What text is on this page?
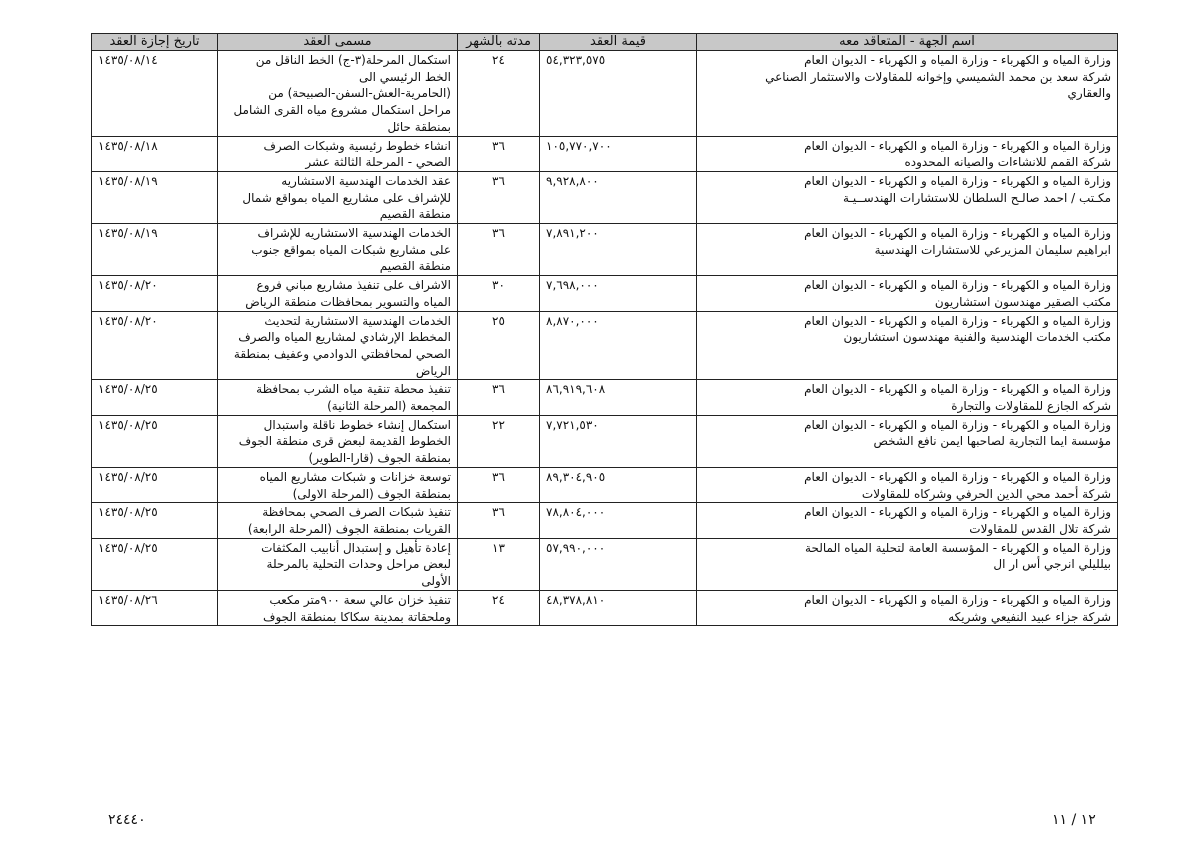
اسم الجهة - المتعاقد معه	قيمة العقد	مدته بالشهر	مسمى العقد	تاريخ إجازة العقد

وزارة المياه و الكهرباء - وزارة المياه و الكهرباء - الديوان العام
شركة سعد بن محمد الشميسي وإخوانه للمقاولات والاستثمار الصناعي
والعقاري	٥٤,٣٢٣,٥٧٥	٢٤	استكمال المرحلة(٣-ج) الخط الناقل من
الخط الرئيسي الى
(الحامرية-العش-السفن-الصبيحة) من
مراحل استكمال مشروع مياه القرى الشامل
بمنطقة حائل	١٤٣٥/٠٨/١٤

وزارة المياه و الكهرباء - وزارة المياه و الكهرباء - الديوان العام
شركة القمم للانشاءات والصيانه المحدوده	١٠٥,٧٧٠,٧٠٠	٣٦	انشاء خطوط رئيسية وشبكات الصرف
الصحي - المرحلة الثالثة عشر	١٤٣٥/٠٨/١٨

وزارة المياه و الكهرباء - وزارة المياه و الكهرباء - الديوان العام
مكـتب / احمد صالـح السلطان للاستشارات الهندســيـة	٩,٩٢٨,٨٠٠	٣٦	عقد الخدمات الهندسية الاستشاريه
للإشراف على مشاريع المياه بمواقع شمال
منطقة القصيم	١٤٣٥/٠٨/١٩

وزارة المياه و الكهرباء - وزارة المياه و الكهرباء - الديوان العام
ابراهيم سليمان المزيرعي للاستشارات الهندسية	٧,٨٩١,٢٠٠	٣٦	الخدمات الهندسية الاستشاريه للإشراف
على مشاريع شبكات المياه بمواقع جنوب
منطقة القصيم	١٤٣٥/٠٨/١٩

وزارة المياه و الكهرباء - وزارة المياه و الكهرباء - الديوان العام
مكتب الصقير مهندسون استشاريون	٧,٦٩٨,٠٠٠	٣٠	الاشراف على تنفيذ مشاريع مباني فروع
المياه والتسوير بمحافظات منطقة الرياض	١٤٣٥/٠٨/٢٠

وزارة المياه و الكهرباء - وزارة المياه و الكهرباء - الديوان العام
مكتب الخدمات الهندسية والفنية مهندسون استشاريون	٨,٨٧٠,٠٠٠	٢٥	الخدمات الهندسية الاستشارية لتحديث
المخطط الإرشادي لمشاريع المياه والصرف
الصحي لمحافظتي الدوادمي وعفيف بمنطقة
الرياض	١٤٣٥/٠٨/٢٠

وزارة المياه و الكهرباء - وزارة المياه و الكهرباء - الديوان العام
شركه الجازع للمقاولات والتجارة	٨٦,٩١٩,٦٠٨	٣٦	تنفيذ محطة تنقية مياه الشرب بمحافظة
المجمعة (المرحلة الثانية)	١٤٣٥/٠٨/٢٥

وزارة المياه و الكهرباء - وزارة المياه و الكهرباء - الديوان العام
مؤسسة ايما التجارية لصاحبها ايمن نافع الشخص	٧,٧٢١,٥٣٠	٢٢	استكمال إنشاء خطوط ناقلة واستبدال
الخطوط القديمة لبعض قرى منطقة الجوف
بمنطقة الجوف (قارا-الطوير)	١٤٣٥/٠٨/٢٥

وزارة المياه و الكهرباء - وزارة المياه و الكهرباء - الديوان العام
شركة أحمد محي الدين الحرفي وشركاه للمقاولات	٨٩,٣٠٤,٩٠٥	٣٦	توسعة خزانات و شبكات مشاريع المياه
بمنطقة الجوف (المرحلة الاولى)	١٤٣٥/٠٨/٢٥

وزارة المياه و الكهرباء - وزارة المياه و الكهرباء - الديوان العام
شركة تلال القدس للمقاولات	٧٨,٨٠٤,٠٠٠	٣٦	تنفيذ شبكات الصرف الصحي بمحافظة
القريات بمنطقة الجوف (المرحلة الرابعة)	١٤٣٥/٠٨/٢٥

وزارة المياه و الكهرباء - المؤسسة العامة لتحلية المياه المالحة
بيلليلي انرجي أس ار ال	٥٧,٩٩٠,٠٠٠	١٣	إعادة تأهيل و إستبدال أنابيب المكثفات
لبعض مراحل وحدات التحلية بالمرحلة
الأولى	١٤٣٥/٠٨/٢٥

وزارة المياه و الكهرباء - وزارة المياه و الكهرباء - الديوان العام
شركة جزاء عبيد النفيعي وشريكه	٤٨,٣٧٨,٨١٠	٢٤	تنفيذ خزان عالي سعة ٩٠٠متر مكعب
وملحقاتة بمدينة سكاكا بمنطقة الجوف	١٤٣٥/٠٨/٢٦
١٢ / ١١
٢٤٤٤٠
